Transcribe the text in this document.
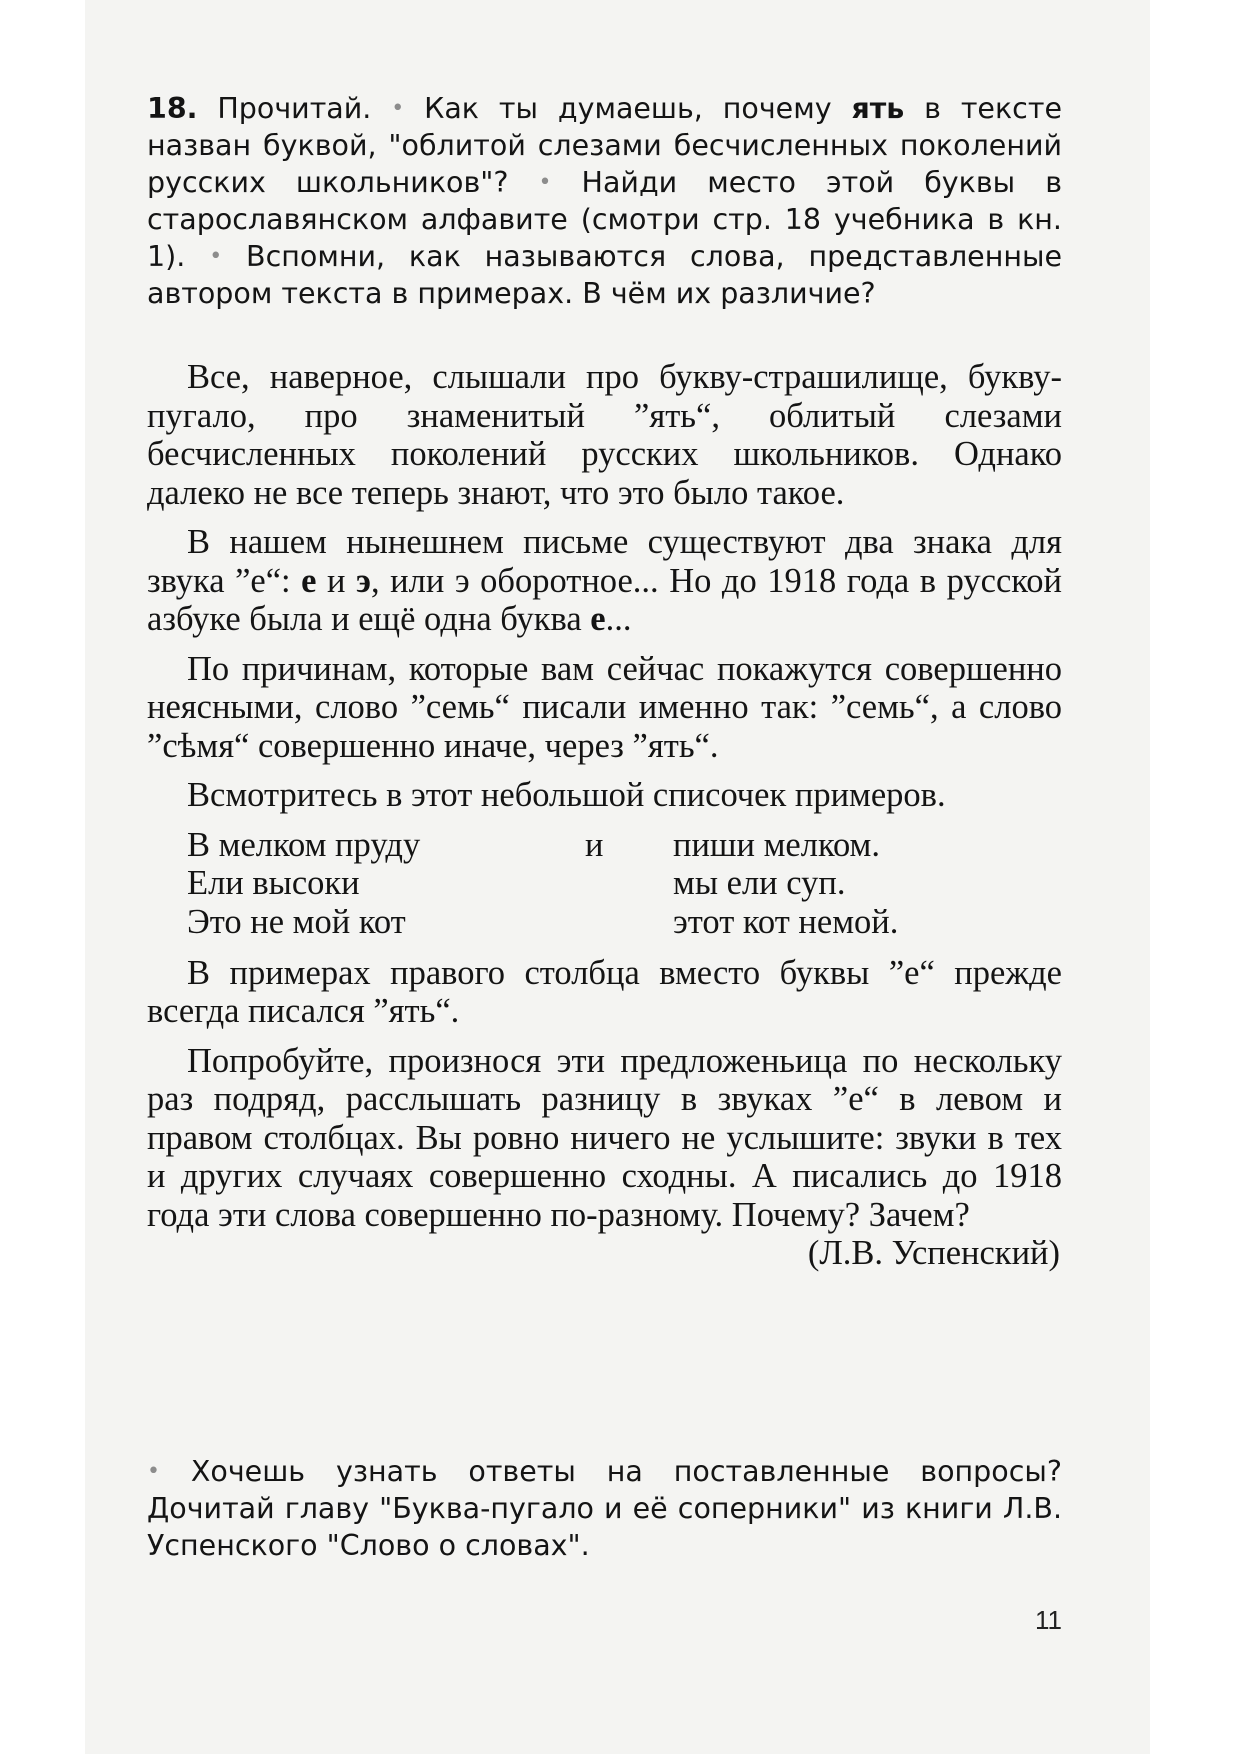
18. Прочитай. • Как ты думаешь, почему ять в тексте назван буквой, "облитой слезами бесчисленных поколений русских школьников"? • Найди место этой буквы в старославянском алфавите (смотри стр. 18 учебника в кн. 1). • Вспомни, как называются слова, представленные автором текста в примерах. В чём их различие?

Все, наверное, слышали про букву-страшилище, букву-пугало, про знаменитый ”ять“, облитый слезами бесчисленных поколений русских школьников. Однако далеко не все теперь знают, что это было такое.

В нашем нынешнем письме существуют два знака для звука ”е“: е и э, или э оборотное... Но до 1918 года в русской азбуке была и ещё одна буква е...

По причинам, которые вам сейчас покажутся совершенно неясными, слово ”семь“ писали именно так: ”семь“, а слово ”сѣмя“ совершенно иначе, через ”ять“.

Всмотритесь в этот небольшой списочек примеров.

В мелком пруду	и пиши мелком.
Ели высоки	мы ели суп.
Это не мой кот	этот кот немой.

В примерах правого столбца вместо буквы ”е“ прежде всегда писался ”ять“.

Попробуйте, произнося эти предложеньица по нескольку раз подряд, расслышать разницу в звуках ”е“ в левом и правом столбцах. Вы ровно ничего не услышите: звуки в тех и других случаях совершенно сходны. А писались до 1918 года эти слова совершенно по-разному. Почему? Зачем?

(Л.В. Успенский)

• Хочешь узнать ответы на поставленные вопросы? Дочитай главу "Буква-пугало и её соперники" из книги Л.В. Успенского "Слово о словах".
11
